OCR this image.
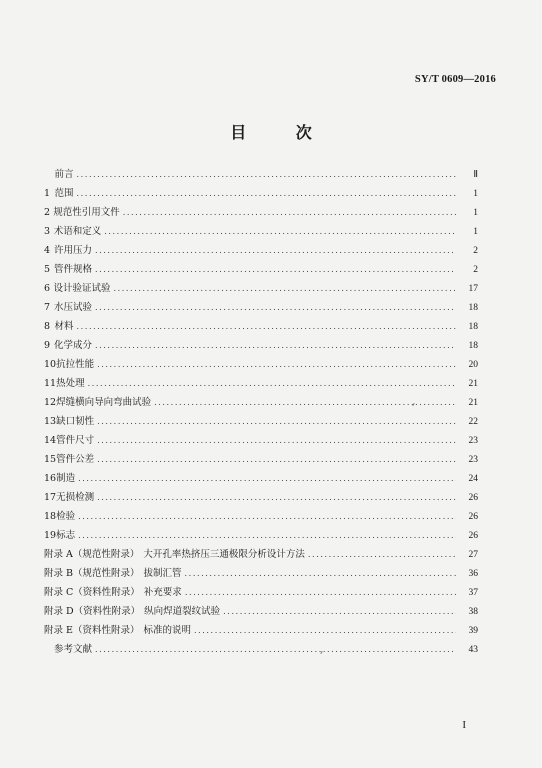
SY/T 0609—2016
目 次
前言 .....	Ⅱ
1 范围 .....	1
2 规范性引用文件 .....	1
3 术语和定义 .....	1
4 许用压力 .....	2
5 管件规格 .....	2
6 设计验证试验 .....	17
7 水压试验 .....	18
8 材料 .....	18
9 化学成分 .....	18
10 抗拉性能 .....	20
11 热处理 .....	21
12 焊缝横向导向弯曲试验 .....	21
13 缺口韧性 .....	22
14 管件尺寸 .....	23
15 管件公差 .....	23
16 制造 .....	24
17 无损检测 .....	26
18 检验 .....	26
19 标志 .....	26
附录 A（规范性附录） 大开孔率热挤压三通极限分析设计方法 .....	27
附录 B（规范性附录） 拔制汇管 .....	36
附录 C（资料性附录） 补充要求 .....	37
附录 D（资料性附录） 纵向焊道裂纹试验 .....	38
附录 E（资料性附录） 标准的说明 .....	39
参考文献 .....	43
I
